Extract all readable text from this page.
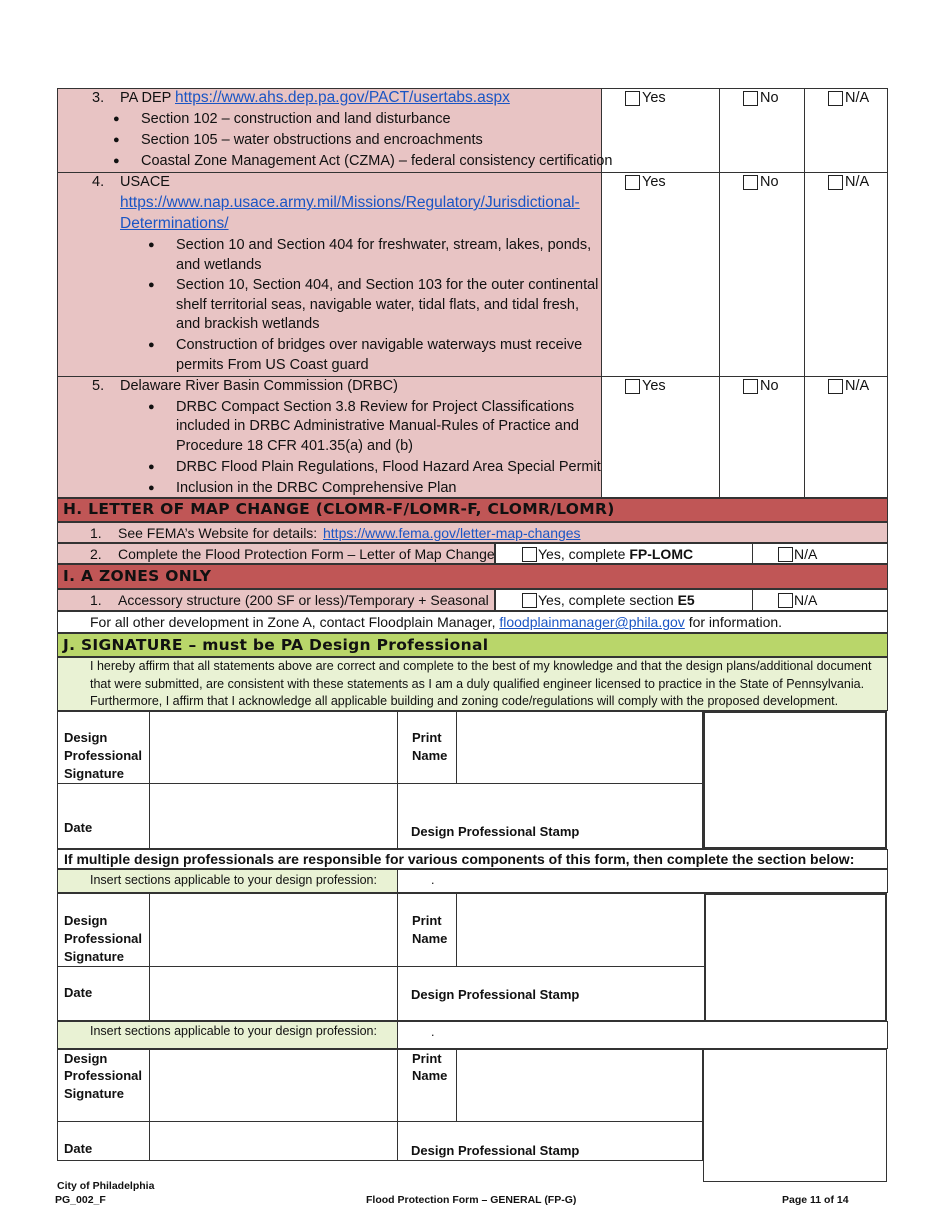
3. PA DEP https://www.ahs.dep.pa.gov/PACT/usertabs.aspx
● Section 102 – construction and land disturbance
● Section 105 – water obstructions and encroachments
● Coastal Zone Management Act (CZMA) – federal consistency certification
Yes	No	N/A
4. USACE
https://www.nap.usace.army.mil/Missions/Regulatory/Jurisdictional-
Determinations/
● Section 10 and Section 404 for freshwater, stream, lakes, ponds,
and wetlands
● Section 10, Section 404, and Section 103 for the outer continental
shelf territorial seas, navigable water, tidal flats, and tidal fresh,
and brackish wetlands
● Construction of bridges over navigable waterways must receive
permits From US Coast guard
Yes	No	N/A
5. Delaware River Basin Commission (DRBC)
● DRBC Compact Section 3.8 Review for Project Classifications
included in DRBC Administrative Manual-Rules of Practice and
Procedure 18 CFR 401.35(a) and (b)
● DRBC Flood Plain Regulations, Flood Hazard Area Special Permit
● Inclusion in the DRBC Comprehensive Plan
Yes	No	N/A
H. LETTER OF MAP CHANGE (CLOMR-F/LOMR-F, CLOMR/LOMR)
1. See FEMA’s Website for details: https://www.fema.gov/letter-map-changes
2. Complete the Flood Protection Form – Letter of Map Change	Yes, complete FP-LOMC	N/A
I. A ZONES ONLY
1. Accessory structure (200 SF or less)/Temporary + Seasonal	Yes, complete section E5	N/A
For all other development in Zone A, contact Floodplain Manager, floodplainmanager@phila.gov for information.
J. SIGNATURE – must be PA Design Professional
I hereby affirm that all statements above are correct and complete to the best of my knowledge and that the design plans/additional document
that were submitted, are consistent with these statements as I am a duly qualified engineer licensed to practice in the State of Pennsylvania.
Furthermore, I affirm that I acknowledge all applicable building and zoning code/regulations will comply with the proposed development.
Design
Professional
Signature
Print
Name
Date	Design Professional Stamp
If multiple design professionals are responsible for various components of this form, then complete the section below:
Insert sections applicable to your design profession:	.
Design
Professional
Signature
Print
Name
Date	Design Professional Stamp
Insert sections applicable to your design profession:	.
Design
Professional
Signature
Print
Name
Date	Design Professional Stamp
City of Philadelphia
PG_002_F	Flood Protection Form – GENERAL (FP-G)	Page 11 of 14
